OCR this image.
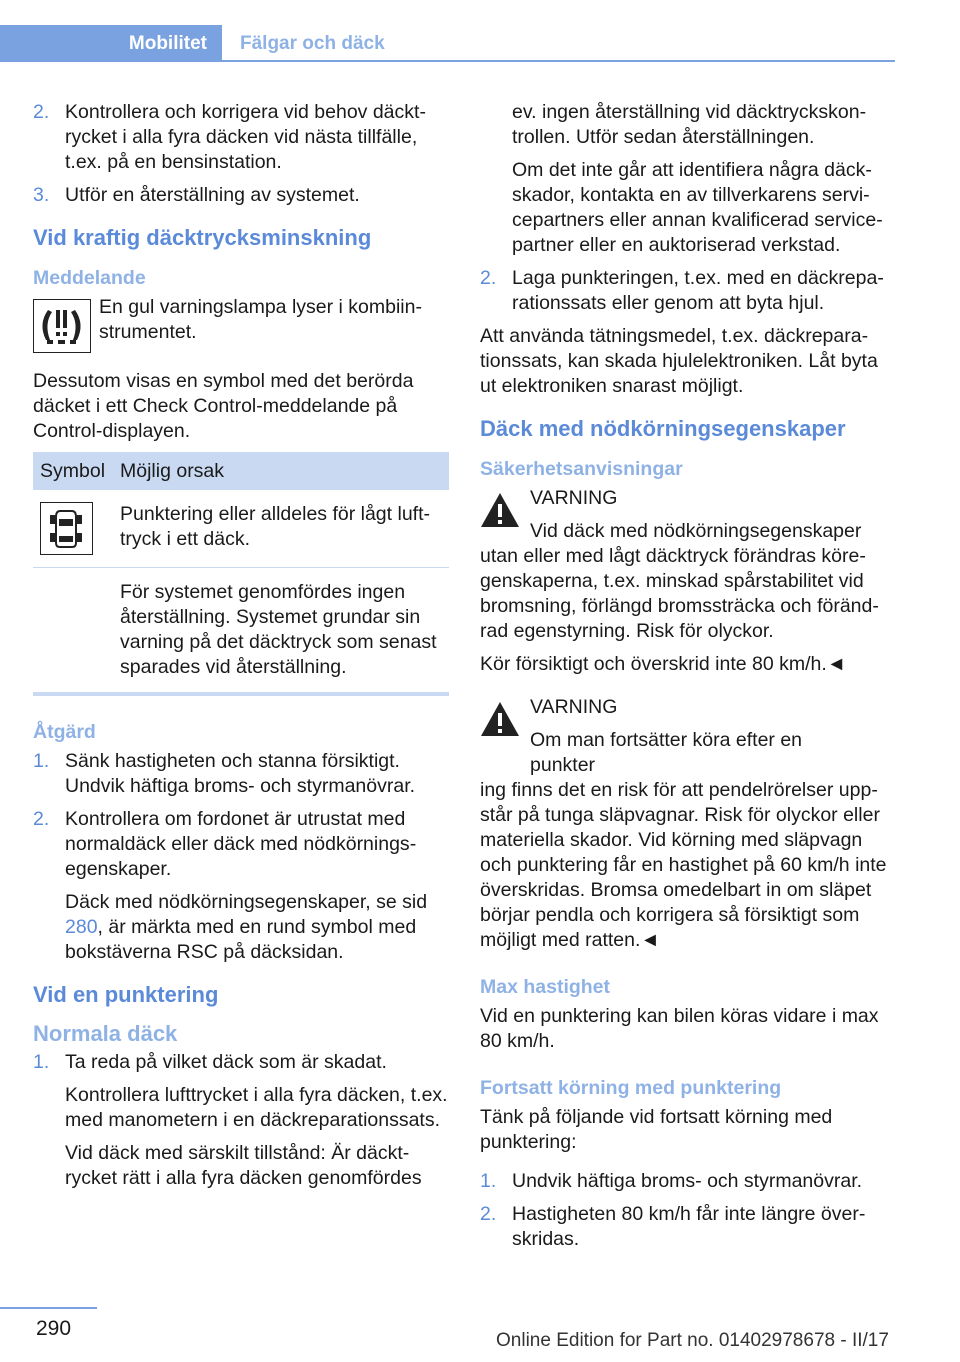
Mobilitet	Fälgar och däck
2. Kontrollera och korrigera vid behov däcktrycket i alla fyra däcken vid nästa tillfälle, t.ex. på en bensinstation.
3. Utför en återställning av systemet.
Vid kraftig däcktrycksminskning
Meddelande
En gul varningslampa lyser i kombiinstrumentet.

Dessutom visas en symbol med det berörda däcket i ett Check Control-meddelande på Control-displayen.

Symbol Möjlig orsak
Punktering eller alldeles för lågt lufttryck i ett däck.
För systemet genomfördes ingen återställning. Systemet grundar sin varning på det däcktryck som senast sparades vid återställning.
Åtgärd
1. Sänk hastigheten och stanna försiktigt. Undvik häftiga broms- och styrmanövrar.
2. Kontrollera om fordonet är utrustat med normaldäck eller däck med nödkörningsegenskaper.

Däck med nödkörningsegenskaper, se sid 280, är märkta med en rund symbol med bokstäverna RSC på däcksidan.

Vid en punktering
Normala däck
1. Ta reda på vilket däck som är skadat.

Kontrollera lufttrycket i alla fyra däcken, t.ex. med manometern i en däckreparationssats.

Vid däck med särskilt tillstånd: Är däcktrycket rätt i alla fyra däcken genomfördes

ev. ingen återställning vid däcktryckskontrollen. Utför sedan återställningen.

Om det inte går att identifiera några däckskador, kontakta en av tillverkarens servicepartners eller annan kvalificerad servicepartner eller en auktoriserad verkstad.

2. Laga punkteringen, t.ex. med en däckreparationssats eller genom att byta hjul.

Att använda tätningsmedel, t.ex. däckreparationssats, kan skada hjulelektroniken. Låt byta ut elektroniken snarast möjligt.

Däck med nödkörningsegenskaper
Säkerhetsanvisningar
VARNING
Vid däck med nödkörningsegenskaper

utan eller med lågt däcktryck förändras köregenskaperna, t.ex. minskad spårstabilitet vid bromsning, förlängd bromssträcka och förändrad egenstyrning. Risk för olyckor.

Kör försiktigt och överskrid inte 80 km/h.◄

VARNING
Om man fortsätter köra efter en punkter

ing finns det en risk för att pendelrörelser uppstår på tunga släpvagnar. Risk för olyckor eller materiella skador. Vid körning med släpvagn och punktering får en hastighet på 60 km/h inte överskridas. Bromsa omedelbart in om släpet börjar pendla och korrigera så försiktigt som möjligt med ratten.◄

Max hastighet

Vid en punktering kan bilen köras vidare i max 80 km/h.

Fortsatt körning med punktering

Tänk på följande vid fortsatt körning med punktering:

1. Undvik häftiga broms- och styrmanövrar.
2. Hastigheten 80 km/h får inte längre överskridas.
290
Online Edition for Part no. 01402978678 - II/17
